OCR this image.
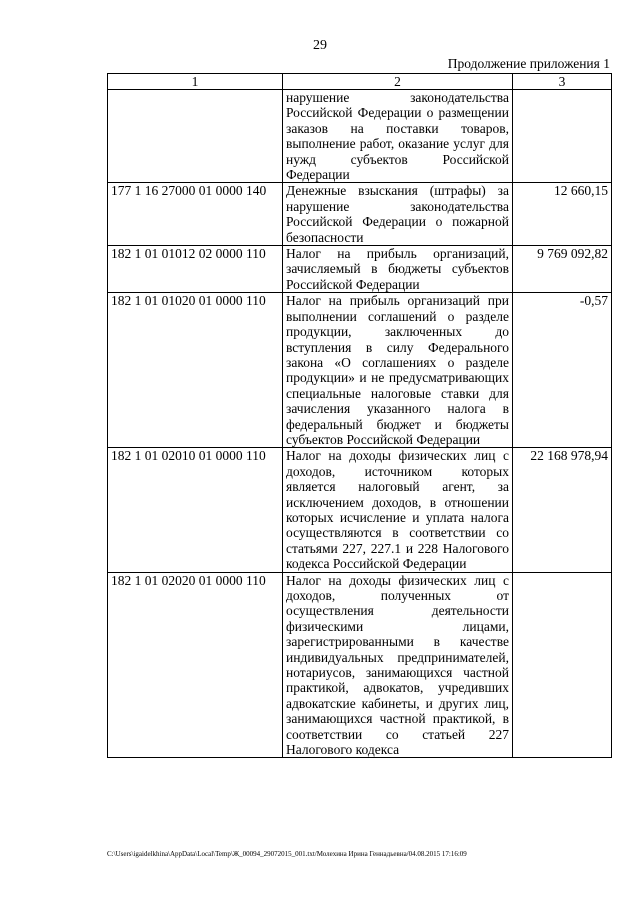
29
Продолжение приложения 1
1	2	3
	нарушение законодательства Российской Федерации о размещении заказов на поставки товаров, выполнение работ, оказание услуг для нужд субъектов Российской Федерации	
177 1 16 27000 01 0000 140	Денежные взыскания (штрафы) за нарушение законодательства Российской Федерации о пожарной безопасности	12 660,15
182 1 01 01012 02 0000 110	Налог на прибыль организаций, зачисляемый в бюджеты субъектов Российской Федерации	9 769 092,82
182 1 01 01020 01 0000 110	Налог на прибыль организаций при выполнении соглашений о разделе продукции, заключенных до вступления в силу Федерального закона «О соглашениях о разделе продукции» и не предусматривающих специальные налоговые ставки для зачисления указанного налога в федеральный бюджет и бюджеты субъектов Российской Федерации	-0,57
182 1 01 02010 01 0000 110	Налог на доходы физических лиц с доходов, источником которых является налоговый агент, за исключением доходов, в отношении которых исчисление и уплата налога осуществляются в соответствии со статьями 227, 227.1 и 228 Налогового кодекса Российской Федерации	22 168 978,94
182 1 01 02020 01 0000 110	Налог на доходы физических лиц с доходов, полученных от осуществления деятельности физическими лицами, зарегистрированными в качестве индивидуальных предпринимателей, нотариусов, занимающихся частной практикой, адвокатов, учредивших адвокатские кабинеты, и других лиц, занимающихся частной практикой, в соответствии со статьей 227 Налогового кодекса	
C:\Users\igaidelkhina\AppData\Local\Temp\Ж_00094_29072015_001.txt/Молехина Ирина Геннадьевна/04.08.2015 17:16:09
